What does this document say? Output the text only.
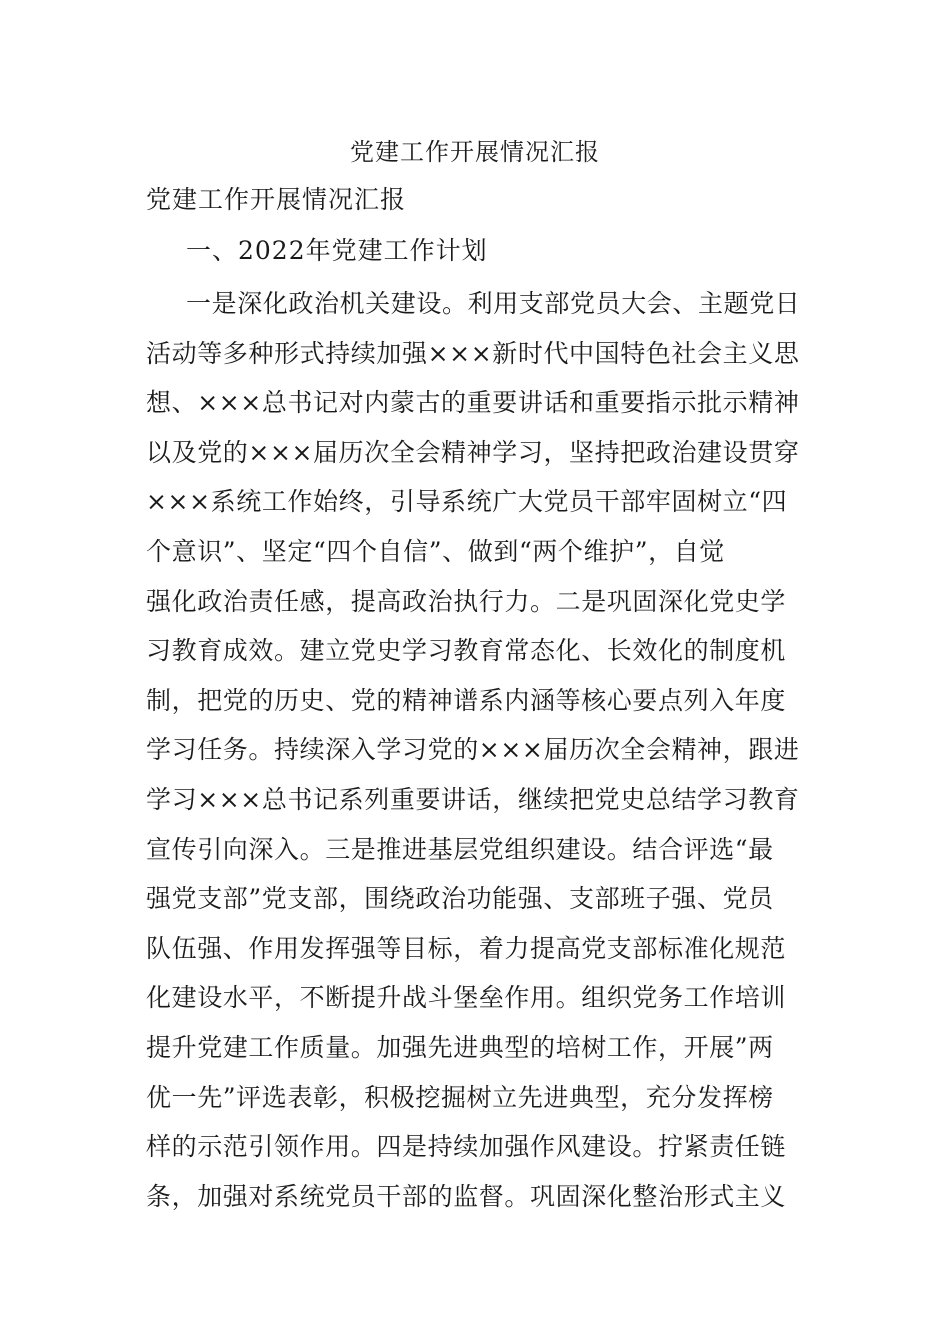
党建工作开展情况汇报
党建工作开展情况汇报
一、2022年党建工作计划
一是深化政治机关建设。利用支部党员大会、主题党日
活动等多种形式持续加强×××新时代中国特色社会主义思
想、×××总书记对内蒙古的重要讲话和重要指示批示精神
以及党的×××届历次全会精神学习，坚持把政治建设贯穿
×××系统工作始终，引导系统广大党员干部牢固树立“四
个意识”、坚定“四个自信”、做到“两个维护”，自觉
强化政治责任感，提高政治执行力。二是巩固深化党史学
习教育成效。建立党史学习教育常态化、长效化的制度机
制，把党的历史、党的精神谱系内涵等核心要点列入年度
学习任务。持续深入学习党的×××届历次全会精神，跟进
学习×××总书记系列重要讲话，继续把党史总结学习教育
宣传引向深入。三是推进基层党组织建设。结合评选“最
强党支部”党支部，围绕政治功能强、支部班子强、党员
队伍强、作用发挥强等目标，着力提高党支部标准化规范
化建设水平，不断提升战斗堡垒作用。组织党务工作培训
提升党建工作质量。加强先进典型的培树工作，开展”两
优一先”评选表彰，积极挖掘树立先进典型，充分发挥榜
样的示范引领作用。四是持续加强作风建设。拧紧责任链
条，加强对系统党员干部的监督。巩固深化整治形式主义
